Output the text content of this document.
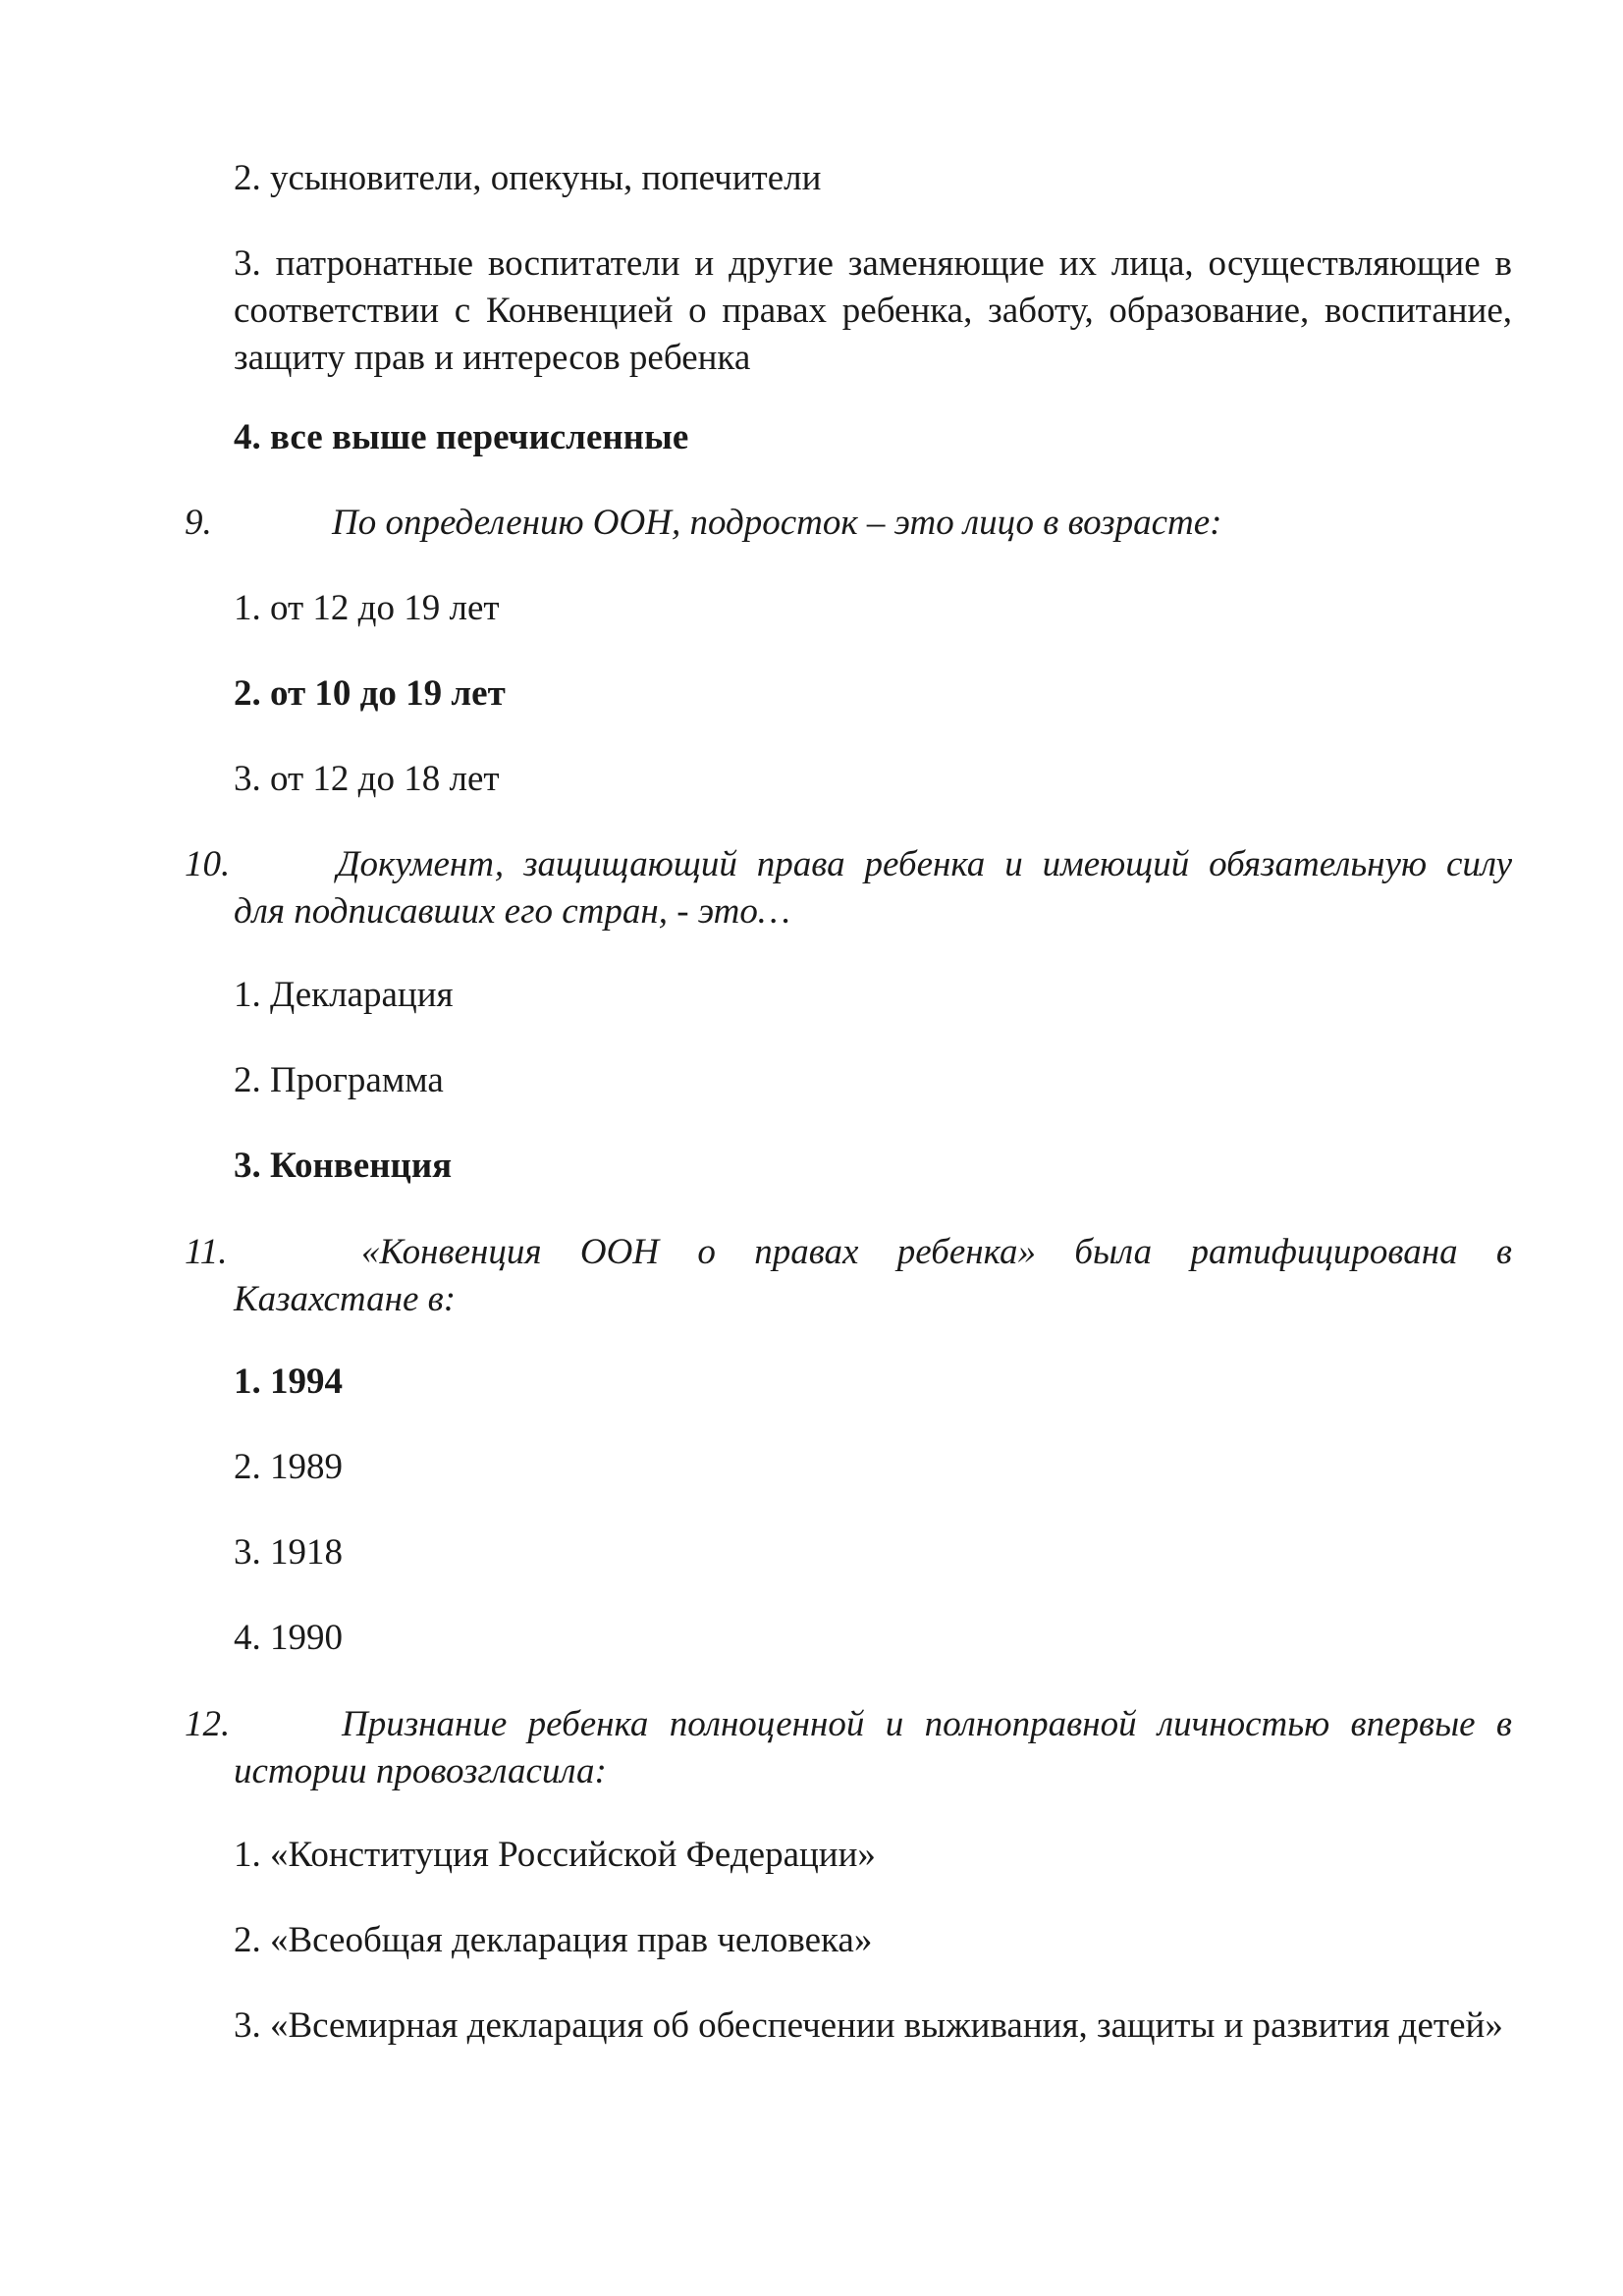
2. усыновители, опекуны, попечители

3. патронатные воспитатели и другие заменяющие их лица, осуществляющие в соответствии с Конвенцией о правах ребенка, заботу, образование, воспитание, защиту прав и интересов ребенка

4. все выше перечисленные

9.	По определению ООН, подросток – это лицо в возрасте:

1. от 12 до 19 лет

2. от 10 до 19 лет

3. от 12 до 18 лет

10.	Документ, защищающий права ребенка и имеющий обязательную силу
для подписавших его стран, - это…

1. Декларация

2. Программа

3. Конвенция

11.	«Конвенция ООН о правах ребенка» была ратифицирована в
Казахстане в:

1. 1994

2. 1989

3. 1918

4. 1990

12.	Признание ребенка полноценной и полноправной личностью впервые в
истории провозгласила:

1. «Конституция Российской Федерации»

2. «Всеобщая декларация прав человека»

3. «Всемирная декларация об обеспечении выживания, защиты и развития детей»
